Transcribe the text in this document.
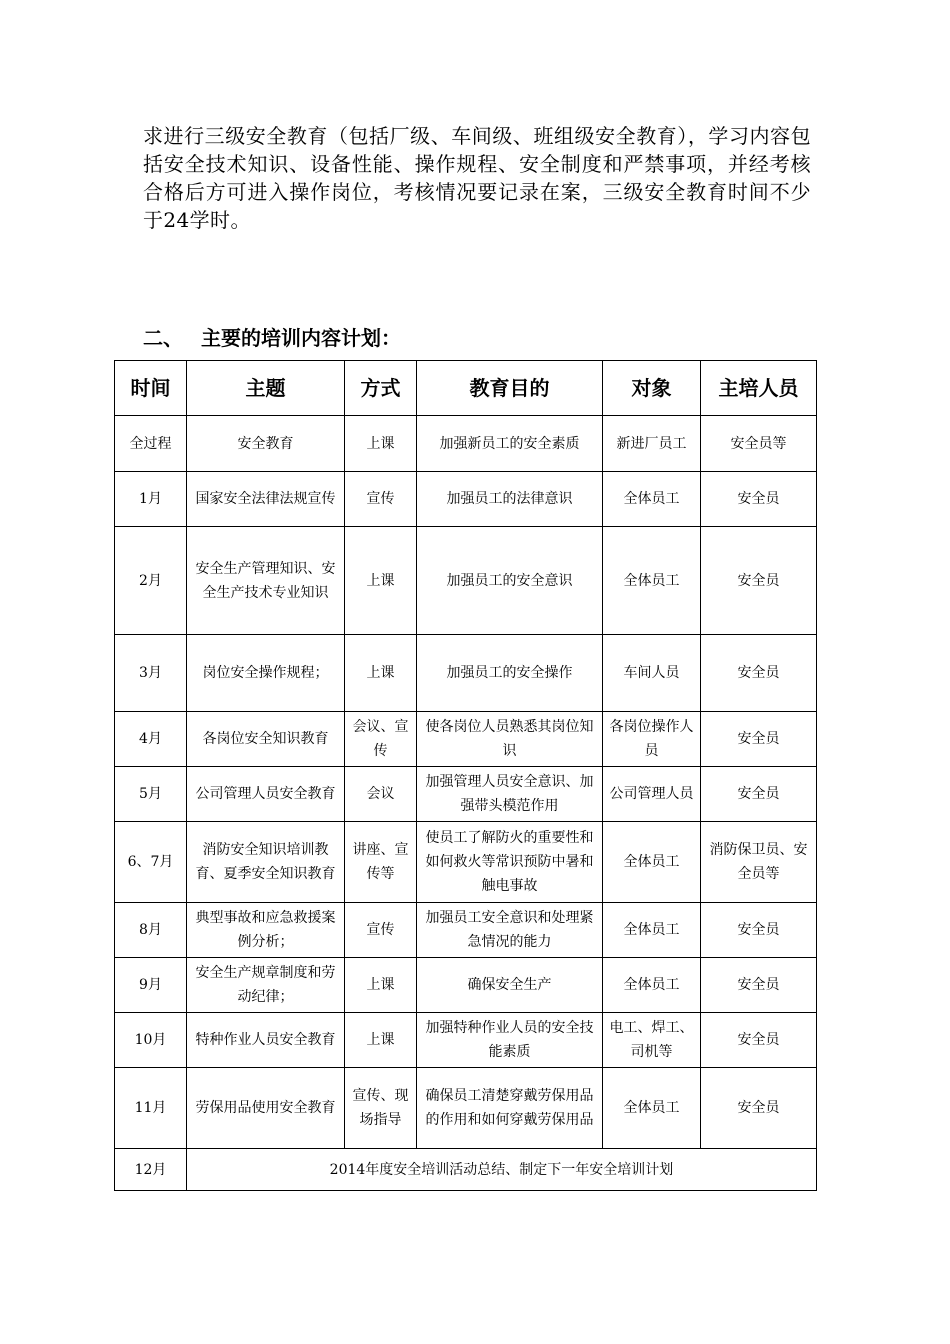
求进行三级安全教育（包括厂级、车间级、班组级安全教育），学习内容包括安全技术知识、设备性能、操作规程、安全制度和严禁事项，并经考核合格后方可进入操作岗位，考核情况要记录在案，三级安全教育时间不少于24学时。
二、 主要的培训内容计划：
时间	主题	方式	教育目的	对象	主培人员
全过程	安全教育	上课	加强新员工的安全素质	新进厂员工	安全员等
1月	国家安全法律法规宣传	宣传	加强员工的法律意识	全体员工	安全员
2月	安全生产管理知识、安全生产技术专业知识	上课	加强员工的安全意识	全体员工	安全员
3月	岗位安全操作规程；	上课	加强员工的安全操作	车间人员	安全员
4月	各岗位安全知识教育	会议、宣传	使各岗位人员熟悉其岗位知识	各岗位操作人员	安全员
5月	公司管理人员安全教育	会议	加强管理人员安全意识、加强带头模范作用	公司管理人员	安全员
6、7月	消防安全知识培训教育、夏季安全知识教育	讲座、宣传等	使员工了解防火的重要性和如何救火等常识预防中暑和触电事故	全体员工	消防保卫员、安全员等
8月	典型事故和应急救援案例分析；	宣传	加强员工安全意识和处理紧急情况的能力	全体员工	安全员
9月	安全生产规章制度和劳动纪律；	上课	确保安全生产	全体员工	安全员
10月	特种作业人员安全教育	上课	加强特种作业人员的安全技能素质	电工、焊工、司机等	安全员
11月	劳保用品使用安全教育	宣传、现场指导	确保员工清楚穿戴劳保用品的作用和如何穿戴劳保用品	全体员工	安全员
12月	2014年度安全培训活动总结、制定下一年安全培训计划				
